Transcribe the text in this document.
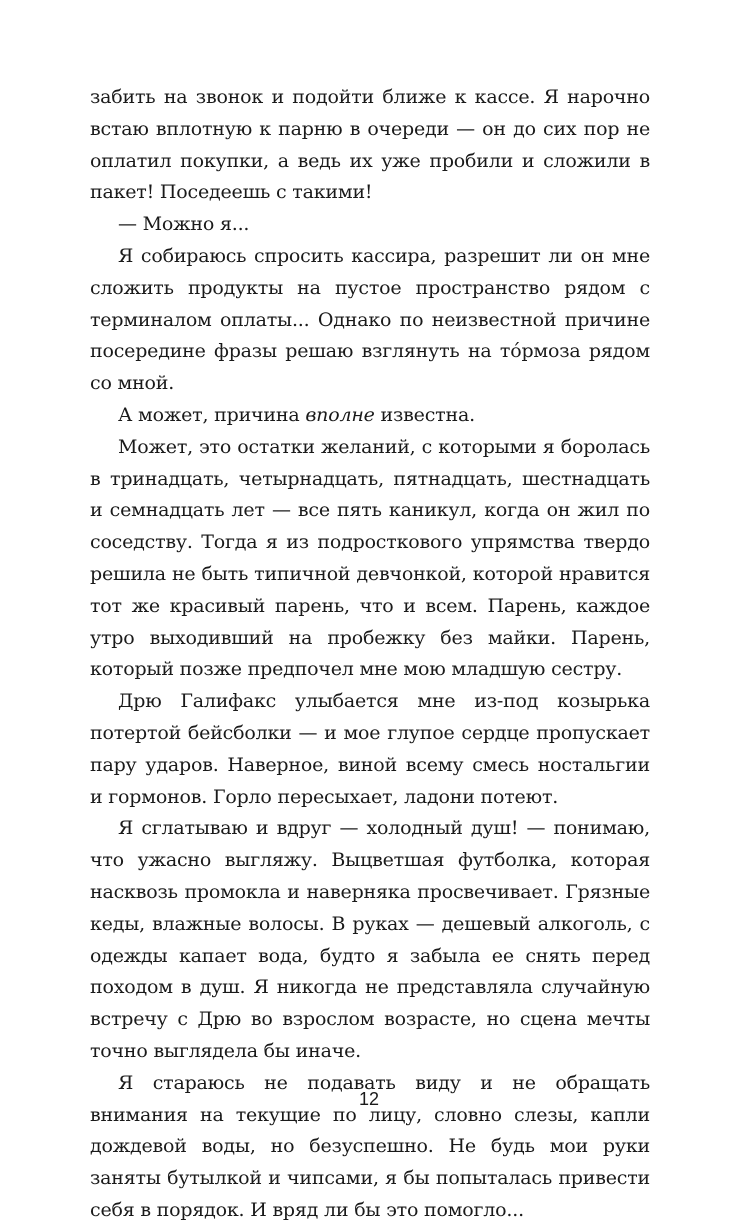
забить на звонок и подойти ближе к кассе. Я нарочно встаю вплотную к парню в очереди — он до сих пор не оплатил покупки, а ведь их уже пробили и сложили в пакет! Поседеешь с такими!

— Можно я...

Я собираюсь спросить кассира, разрешит ли он мне сложить продукты на пустое пространство рядом с терминалом оплаты... Однако по неизвестной причине посередине фразы решаю взглянуть на тóрмоза рядом со мной.

А может, причина вполне известна.

Может, это остатки желаний, с которыми я боролась в тринадцать, четырнадцать, пятнадцать, шестнадцать и семнадцать лет — все пять каникул, когда он жил по соседству. Тогда я из подросткового упрямства твердо решила не быть типичной девчонкой, которой нравится тот же красивый парень, что и всем. Парень, каждое утро выходивший на пробежку без майки. Парень, который позже предпочел мне мою младшую сестру.

Дрю Галифакс улыбается мне из-под козырька потертой бейсболки — и мое глупое сердце пропускает пару ударов. Наверное, виной всему смесь ностальгии и гормонов. Горло пересыхает, ладони потеют.

Я сглатываю и вдруг — холодный душ! — понимаю, что ужасно выгляжу. Выцветшая футболка, которая насквозь промокла и наверняка просвечивает. Грязные кеды, влажные волосы. В руках — дешевый алкоголь, с одежды капает вода, будто я забыла ее снять перед походом в душ. Я никогда не представляла случайную встречу с Дрю во взрослом возрасте, но сцена мечты точно выглядела бы иначе.

Я стараюсь не подавать виду и не обращать внимания на текущие по лицу, словно слезы, капли дождевой воды, но безуспешно. Не будь мои руки заняты бутылкой и чипсами, я бы попыталась привести себя в порядок. И вряд ли бы это помогло...

12
